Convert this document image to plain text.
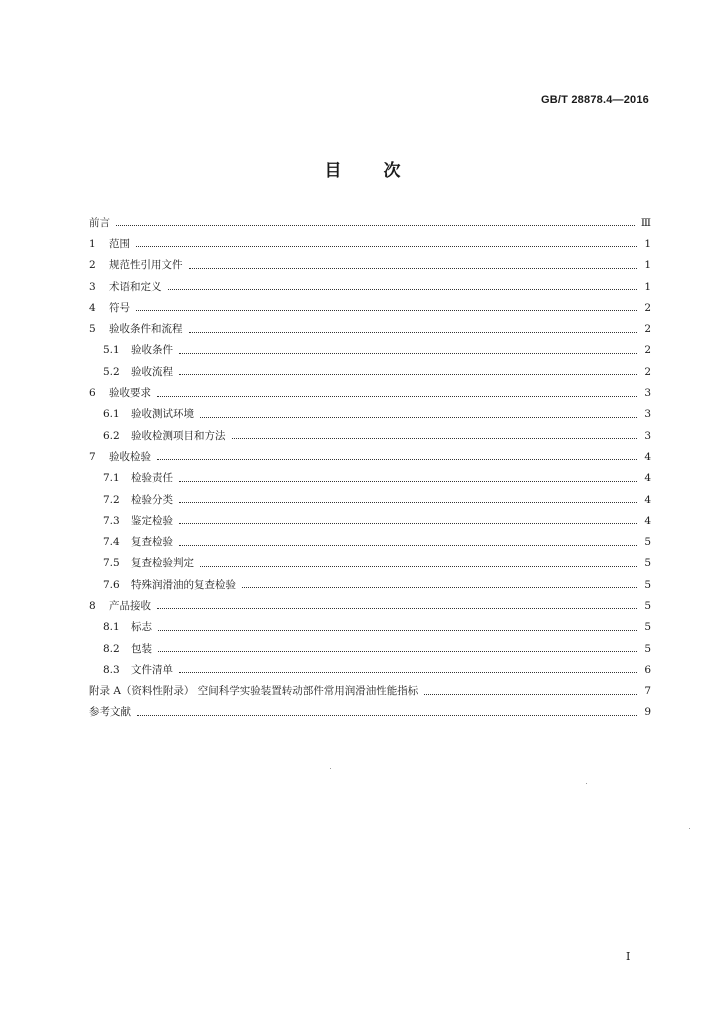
GB/T 28878.4—2016
目 次
前言	Ⅲ
1	范围	1
2	规范性引用文件	1
3	术语和定义	1
4	符号	2
5	验收条件和流程	2
5.1	验收条件	2
5.2	验收流程	2
6	验收要求	3
6.1	验收测试环境	3
6.2	验收检测项目和方法	3
7	验收检验	4
7.1	检验责任	4
7.2	检验分类	4
7.3	鉴定检验	4
7.4	复查检验	5
7.5	复查检验判定	5
7.6	特殊润滑油的复查检验	5
8	产品接收	5
8.1	标志	5
8.2	包装	5
8.3	文件清单	6
附录 A（资料性附录） 空间科学实验装置转动部件常用润滑油性能指标	7
参考文献	9
I
